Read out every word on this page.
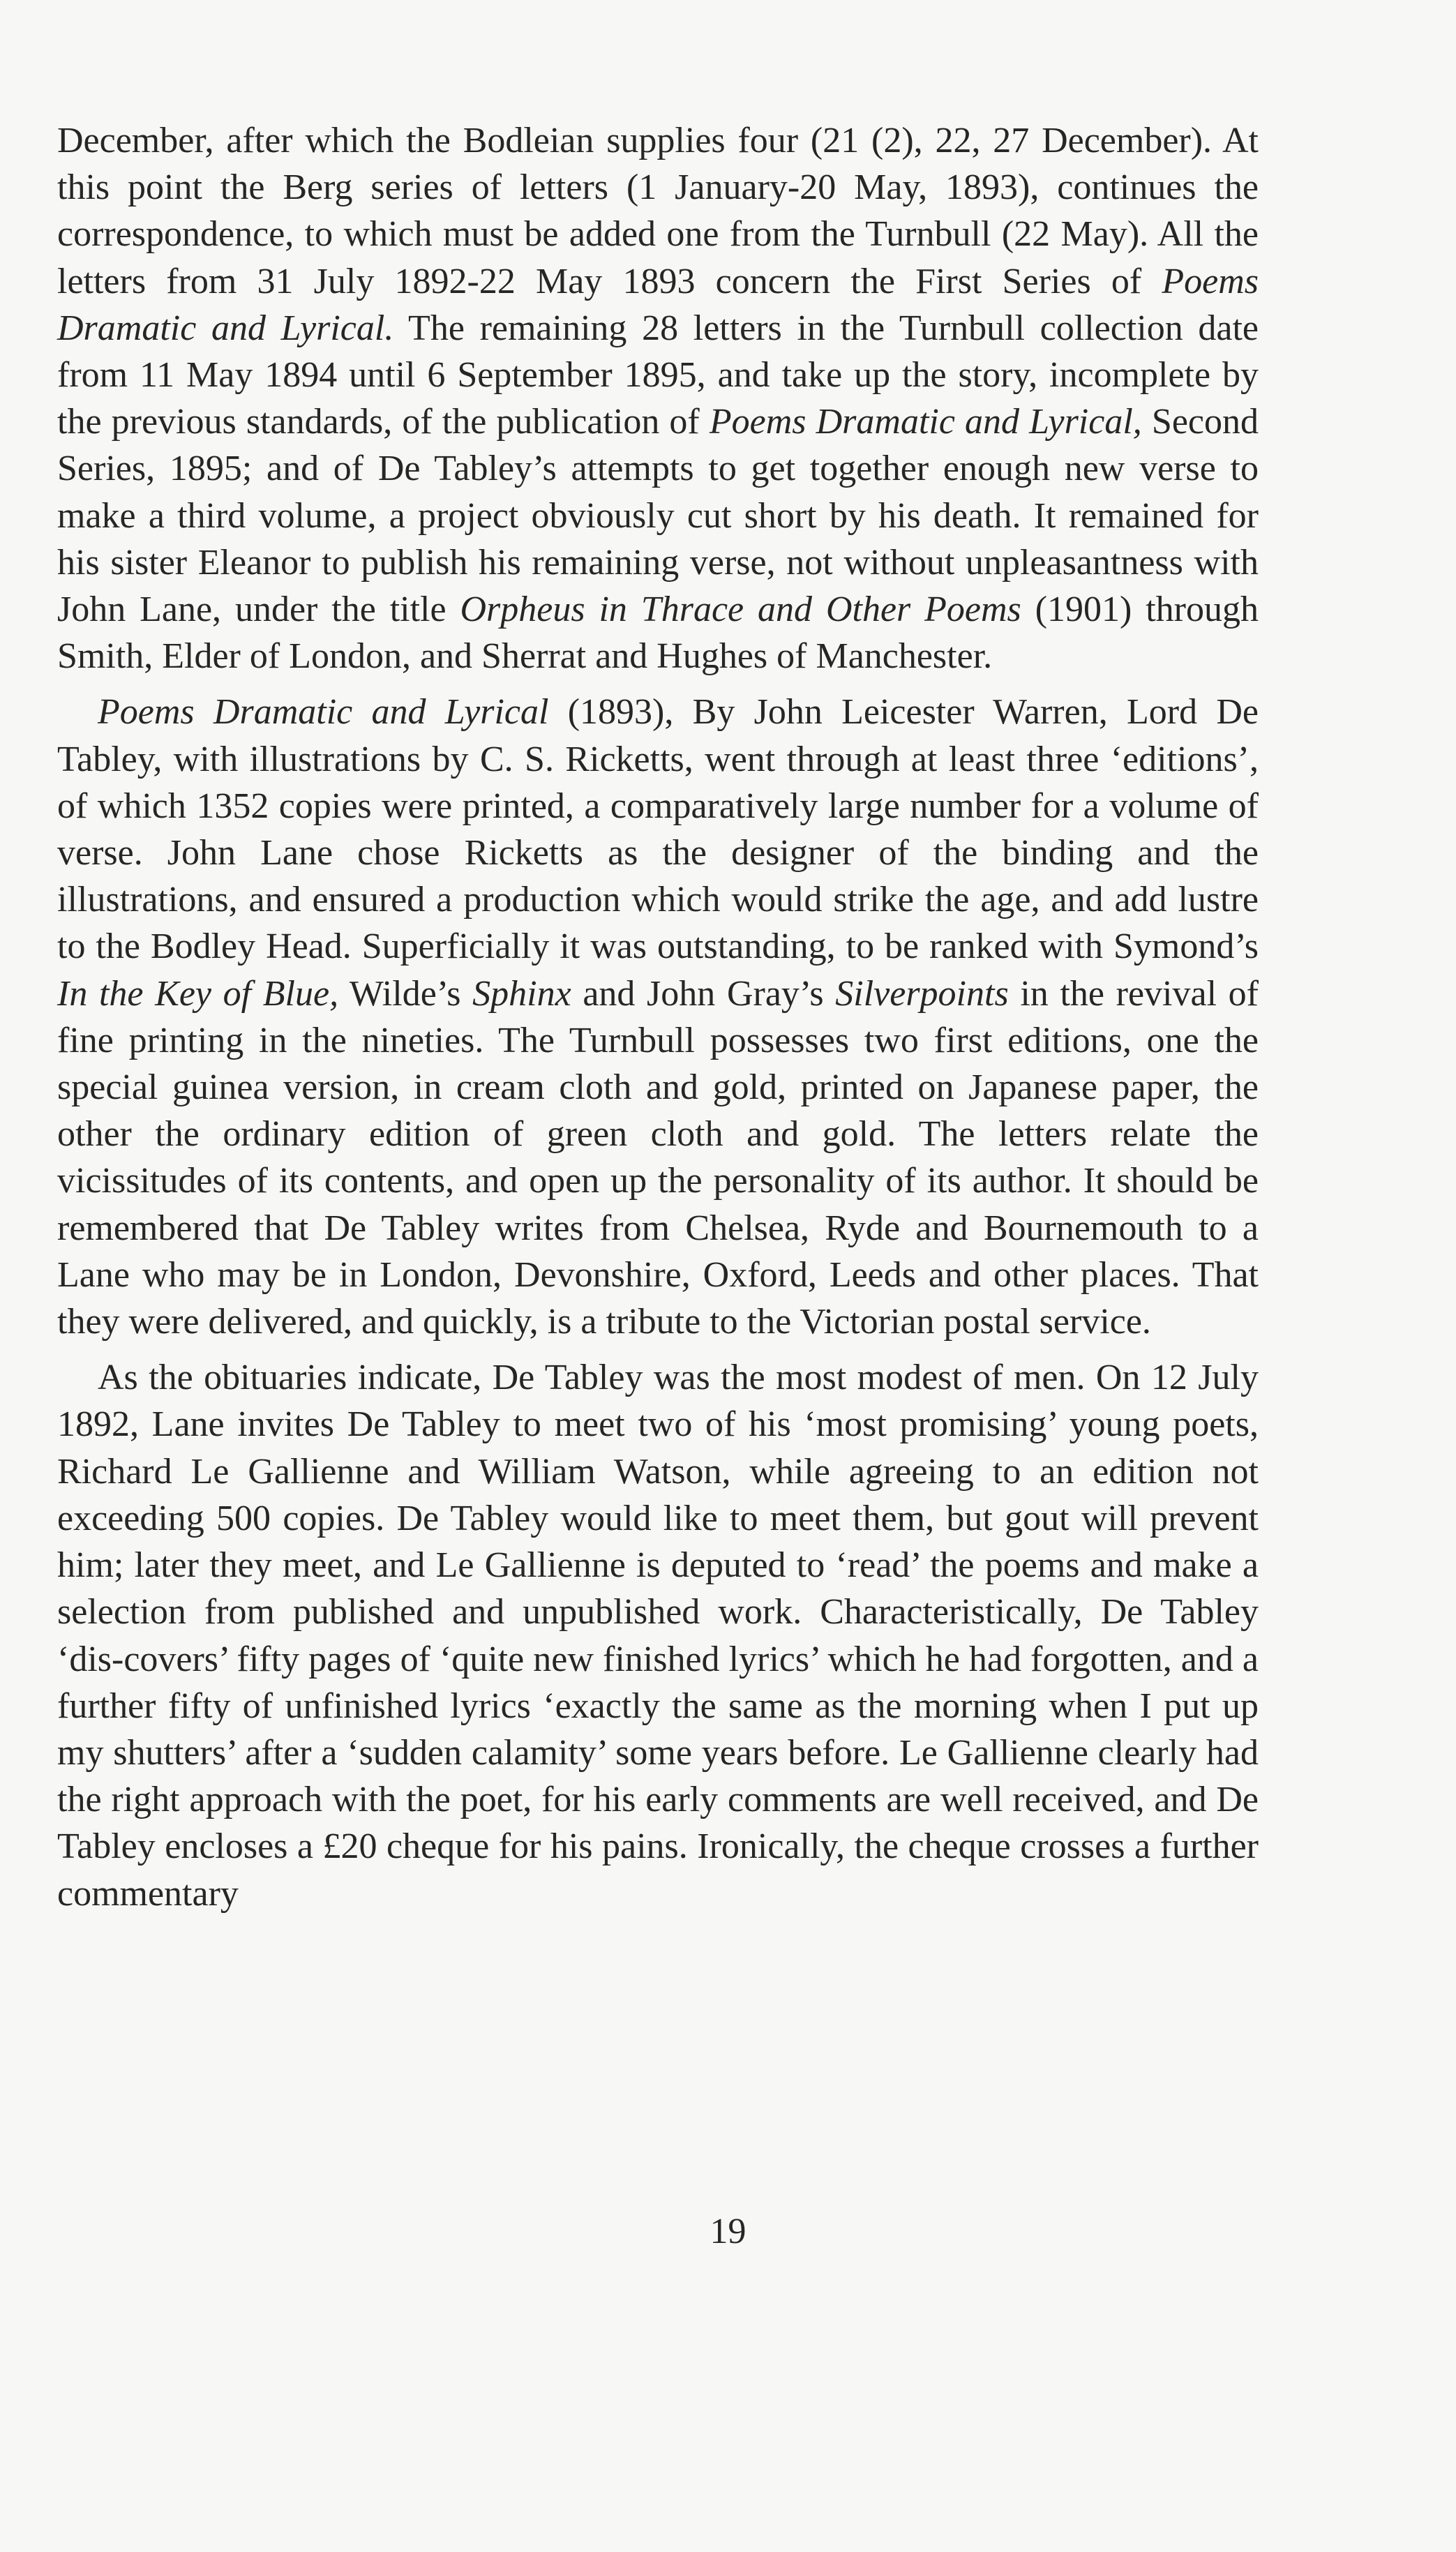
December, after which the Bodleian supplies four (21 (2), 22, 27 December). At this point the Berg series of letters (1 January-20 May, 1893), continues the correspondence, to which must be added one from the Turnbull (22 May). All the letters from 31 July 1892-22 May 1893 concern the First Series of Poems Dramatic and Lyrical. The remaining 28 letters in the Turnbull collection date from 11 May 1894 until 6 September 1895, and take up the story, incomplete by the previous standards, of the publication of Poems Dramatic and Lyrical, Second Series, 1895; and of De Tabley’s attempts to get together enough new verse to make a third volume, a project obviously cut short by his death. It remained for his sister Eleanor to publish his remaining verse, not without unpleasantness with John Lane, under the title Orpheus in Thrace and Other Poems (1901) through Smith, Elder of London, and Sherrat and Hughes of Manchester.

Poems Dramatic and Lyrical (1893), By John Leicester Warren, Lord De Tabley, with illustrations by C. S. Ricketts, went through at least three ‘editions’, of which 1352 copies were printed, a comparatively large number for a volume of verse. John Lane chose Ricketts as the designer of the binding and the illustrations, and ensured a production which would strike the age, and add lustre to the Bodley Head. Superficially it was outstanding, to be ranked with Symond’s In the Key of Blue, Wilde’s Sphinx and John Gray’s Silverpoints in the revival of fine printing in the nineties. The Turnbull possesses two first editions, one the special guinea version, in cream cloth and gold, printed on Japanese paper, the other the ordinary edition of green cloth and gold. The letters relate the vicissitudes of its contents, and open up the personality of its author. It should be remembered that De Tabley writes from Chelsea, Ryde and Bournemouth to a Lane who may be in London, Devonshire, Oxford, Leeds and other places. That they were delivered, and quickly, is a tribute to the Victorian postal service.

As the obituaries indicate, De Tabley was the most modest of men. On 12 July 1892, Lane invites De Tabley to meet two of his ‘most promising’ young poets, Richard Le Gallienne and William Watson, while agreeing to an edition not exceeding 500 copies. De Tabley would like to meet them, but gout will prevent him; later they meet, and Le Gallienne is deputed to ‘read’ the poems and make a selection from published and unpublished work. Characteristically, De Tabley ‘dis-covers’ fifty pages of ‘quite new finished lyrics’ which he had forgotten, and a further fifty of unfinished lyrics ‘exactly the same as the morning when I put up my shutters’ after a ‘sudden calamity’ some years before. Le Gallienne clearly had the right approach with the poet, for his early comments are well received, and De Tabley encloses a £20 cheque for his pains. Ironically, the cheque crosses a further commentary

19
